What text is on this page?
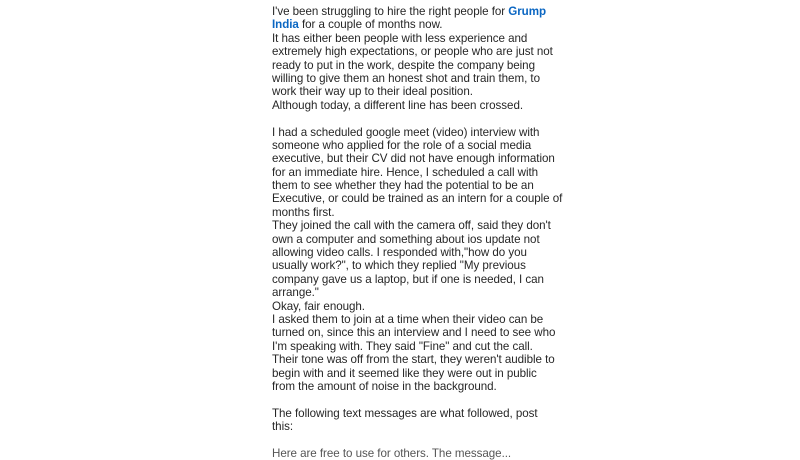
I've been struggling to hire the right people for Grump
India for a couple of months now.
It has either been people with less experience and
extremely high expectations, or people who are just not
ready to put in the work, despite the company being
willing to give them an honest shot and train them, to
work their way up to their ideal position.
Although today, a different line has been crossed.
I had a scheduled google meet (video) interview with
someone who applied for the role of a social media
executive, but their CV did not have enough information
for an immediate hire. Hence, I scheduled a call with
them to see whether they had the potential to be an
Executive, or could be trained as an intern for a couple of
months first.
They joined the call with the camera off, said they don't
own a computer and something about ios update not
allowing video calls. I responded with,"how do you
usually work?", to which they replied "My previous
company gave us a laptop, but if one is needed, I can
arrange."
Okay, fair enough.
I asked them to join at a time when their video can be
turned on, since this an interview and I need to see who
I'm speaking with. They said "Fine" and cut the call.
Their tone was off from the start, they weren't audible to
begin with and it seemed like they were out in public
from the amount of noise in the background.
The following text messages are what followed, post
this:
Here are free to use for others. The message...
